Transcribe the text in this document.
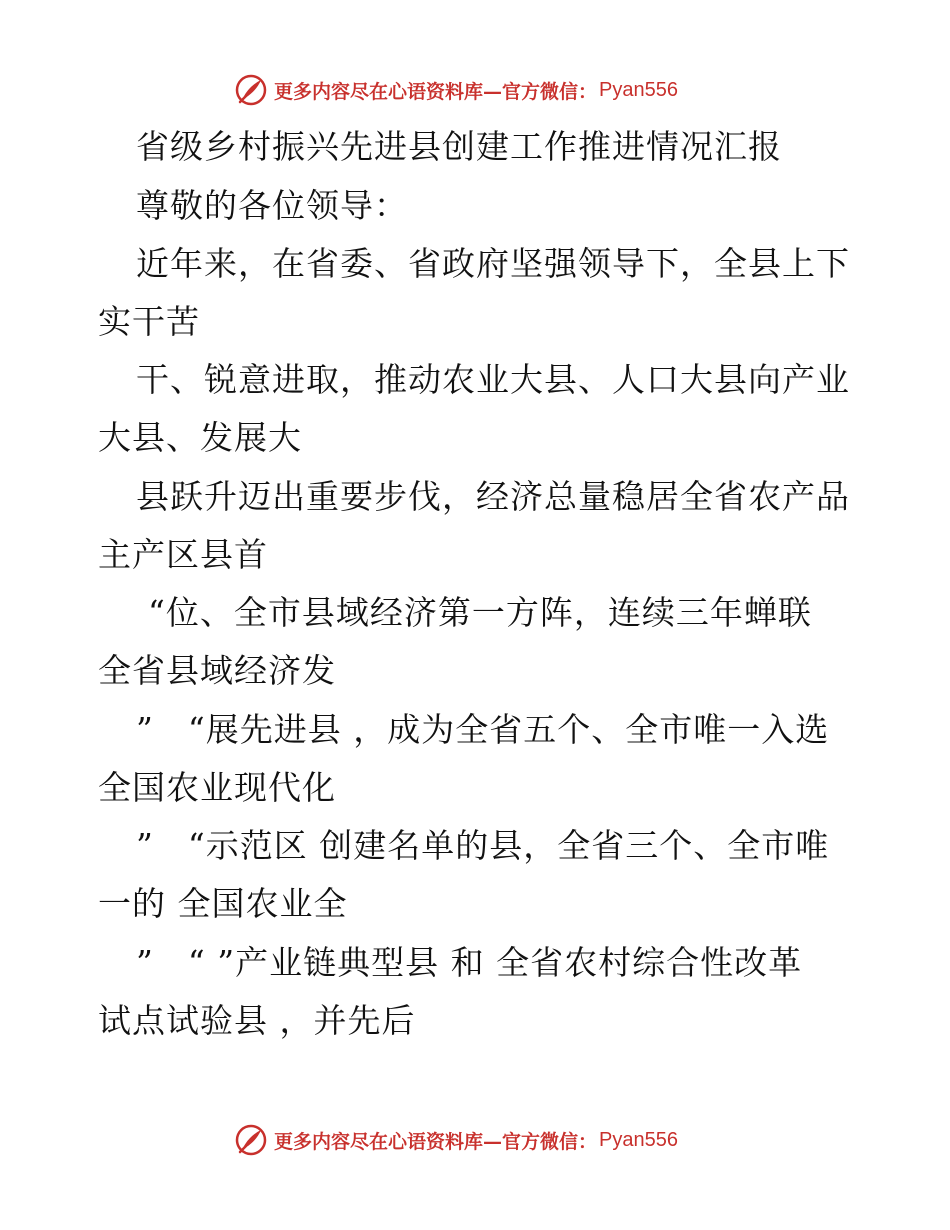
更多内容尽在心语资料库—官方微信： Pyan556
省级乡村振兴先进县创建工作推进情况汇报
尊敬的各位领导：
近年来，在省委、省政府坚强领导下，全县上下
实干苦
干、锐意进取，推动农业大县、人口大县向产业
大县、发展大
县跃升迈出重要步伐，经济总量稳居全省农产品
主产区县首
“位、全市县域经济第一方阵，连续三年蝉联
全省县域经济发
”　“展先进县 ，成为全省五个、全市唯一入选
全国农业现代化
”　“示范区 创建名单的县，全省三个、全市唯
一的 全国农业全
”　“ ”产业链典型县 和 全省农村综合性改革
试点试验县 ，并先后
更多内容尽在心语资料库—官方微信： Pyan556
